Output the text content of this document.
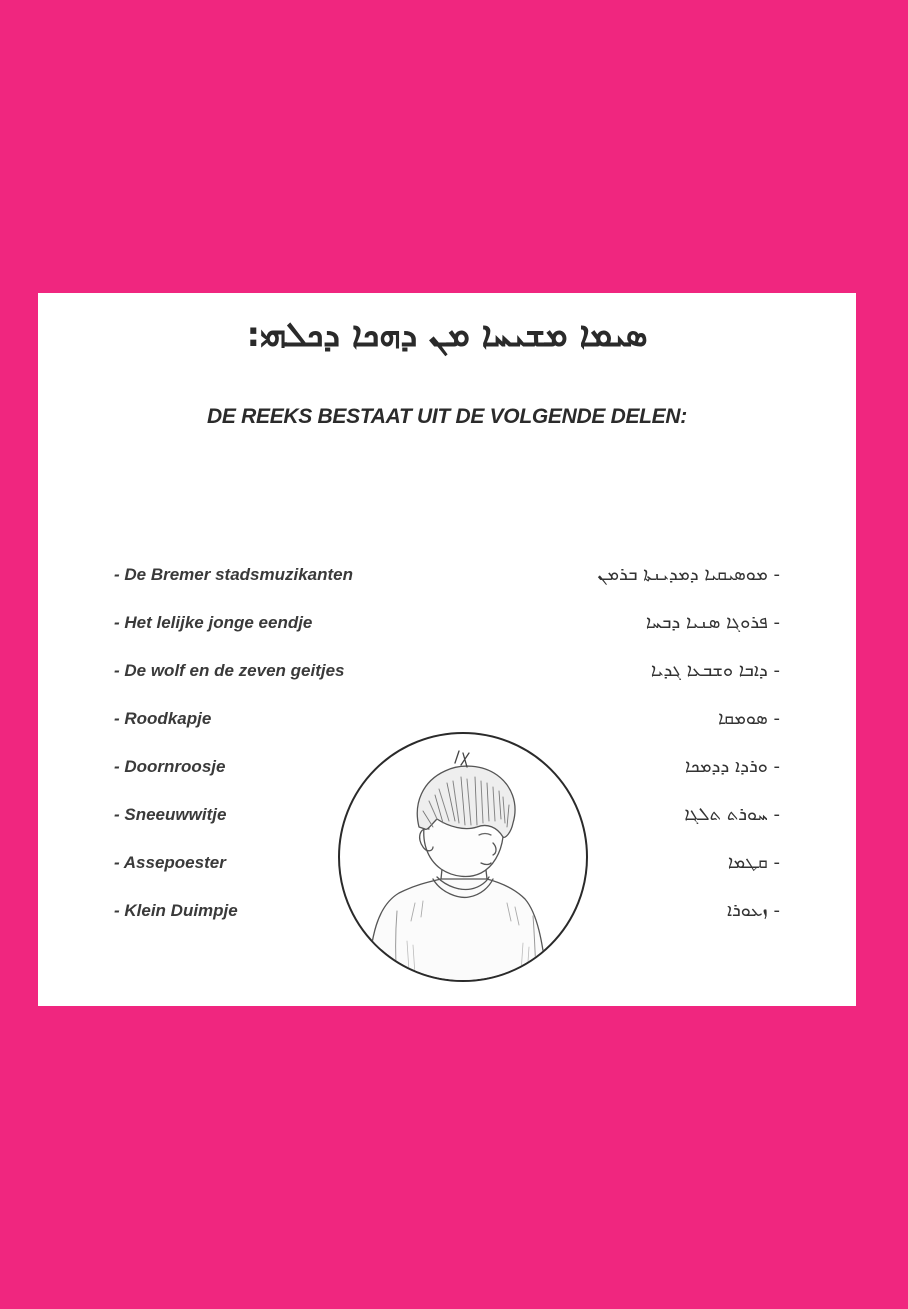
ܣܝܡܐ ܡܫܝܚܐ ܡܢ ܕܗܟܐ ܕܟܠܗܝ:
DE REEKS BESTAAT UIT DE VOLGENDE DELEN:
- De Bremer stadsmuzikanten
- Het lelijke jonge eendje
- De wolf en de zeven geitjes
- Roodkapje
- Doornroosje
- Sneeuwwitje
- Assepoester
- Klein Duimpje
- ܡܘܣܝܩܝܐ ܕܡܕܝܢܬܐ ܒܪܡܢ
- ܦܪܘܓܐ ܣܢܝܐ ܕܒܚܐ
- ܕܐܒܐ ܘܫܒܥܐ ܓܕܝܐ
- ܣܘܡܩܐ
- ܘܪܕܐ ܕܕܡܟܐ
- ܚܘܪܬ ܬܠܓܐ
- ܩܛܡܐ
- ܙܥܘܪܐ
